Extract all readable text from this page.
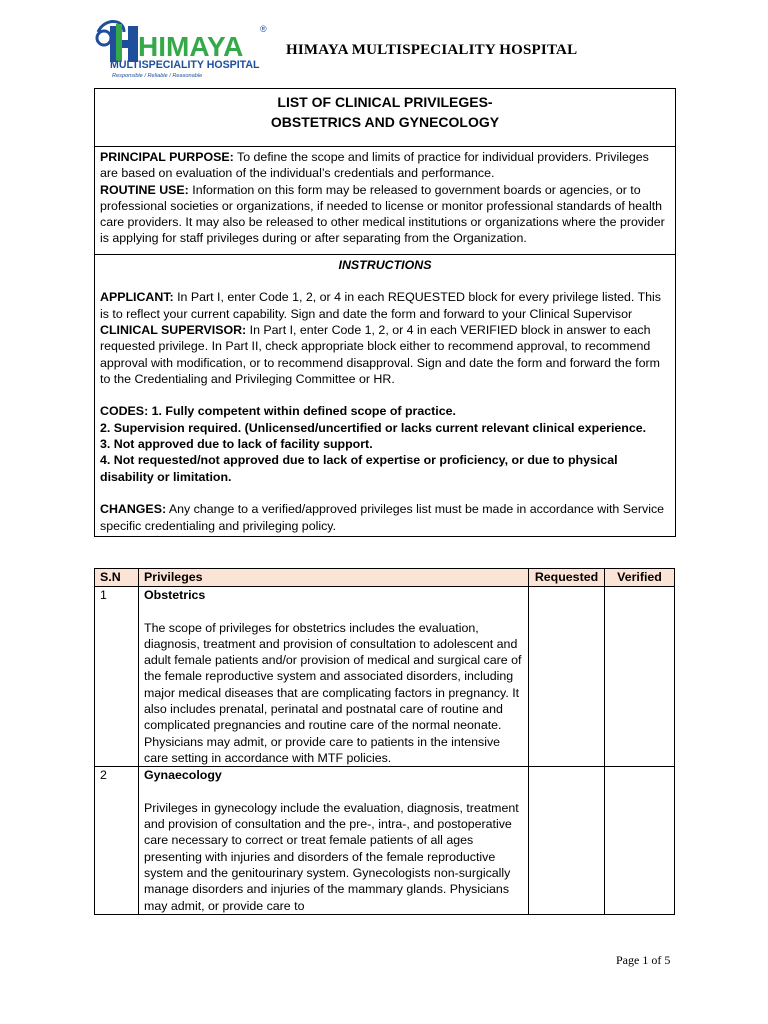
HIMAYA
®
MULTISPECIALITY HOSPITAL
Responsible / Reliable / Reasonable
HIMAYA MULTISPECIALITY HOSPITAL
LIST OF CLINICAL PRIVILEGES-
OBSTETRICS AND GYNECOLOGY
PRINCIPAL PURPOSE: To define the scope and limits of practice for individual providers. Privileges are based on evaluation of the individual’s credentials and performance.
ROUTINE USE: Information on this form may be released to government boards or agencies, or to professional societies or organizations, if needed to license or monitor professional standards of health care providers. It may also be released to other medical institutions or organizations where the provider is applying for staff privileges during or after separating from the Organization.
INSTRUCTIONS
APPLICANT: In Part I, enter Code 1, 2, or 4 in each REQUESTED block for every privilege listed. This is to reflect your current capability. Sign and date the form and forward to your Clinical Supervisor
CLINICAL SUPERVISOR: In Part I, enter Code 1, 2, or 4 in each VERIFIED block in answer to each requested privilege. In Part II, check appropriate block either to recommend approval, to recommend approval with modification, or to recommend disapproval. Sign and date the form and forward the form to the Credentialing and Privileging Committee or HR.
CODES: 1. Fully competent within defined scope of practice.
2. Supervision required. (Unlicensed/uncertified or lacks current relevant clinical experience.
3. Not approved due to lack of facility support.
4. Not requested/not approved due to lack of expertise or proficiency, or due to physical disability or limitation.
CHANGES: Any change to a verified/approved privileges list must be made in accordance with Service specific credentialing and privileging policy.
S.N	Privileges	Requested	Verified
1	Obstetrics
The scope of privileges for obstetrics includes the evaluation, diagnosis, treatment and provision of consultation to adolescent and adult female patients and/or provision of medical and surgical care of the female reproductive system and associated disorders, including major medical diseases that are complicating factors in pregnancy. It also includes prenatal, perinatal and postnatal care of routine and complicated pregnancies and routine care of the normal neonate. Physicians may admit, or provide care to patients in the intensive care setting in accordance with MTF policies.		

2	Gynaecology
Privileges in gynecology include the evaluation, diagnosis, treatment and provision of consultation and the pre-, intra-, and postoperative care necessary to correct or treat female patients of all ages presenting with injuries and disorders of the female reproductive system and the genitourinary system. Gynecologists non-surgically manage disorders and injuries of the mammary glands. Physicians may admit, or provide care to		

Page 1 of 5
